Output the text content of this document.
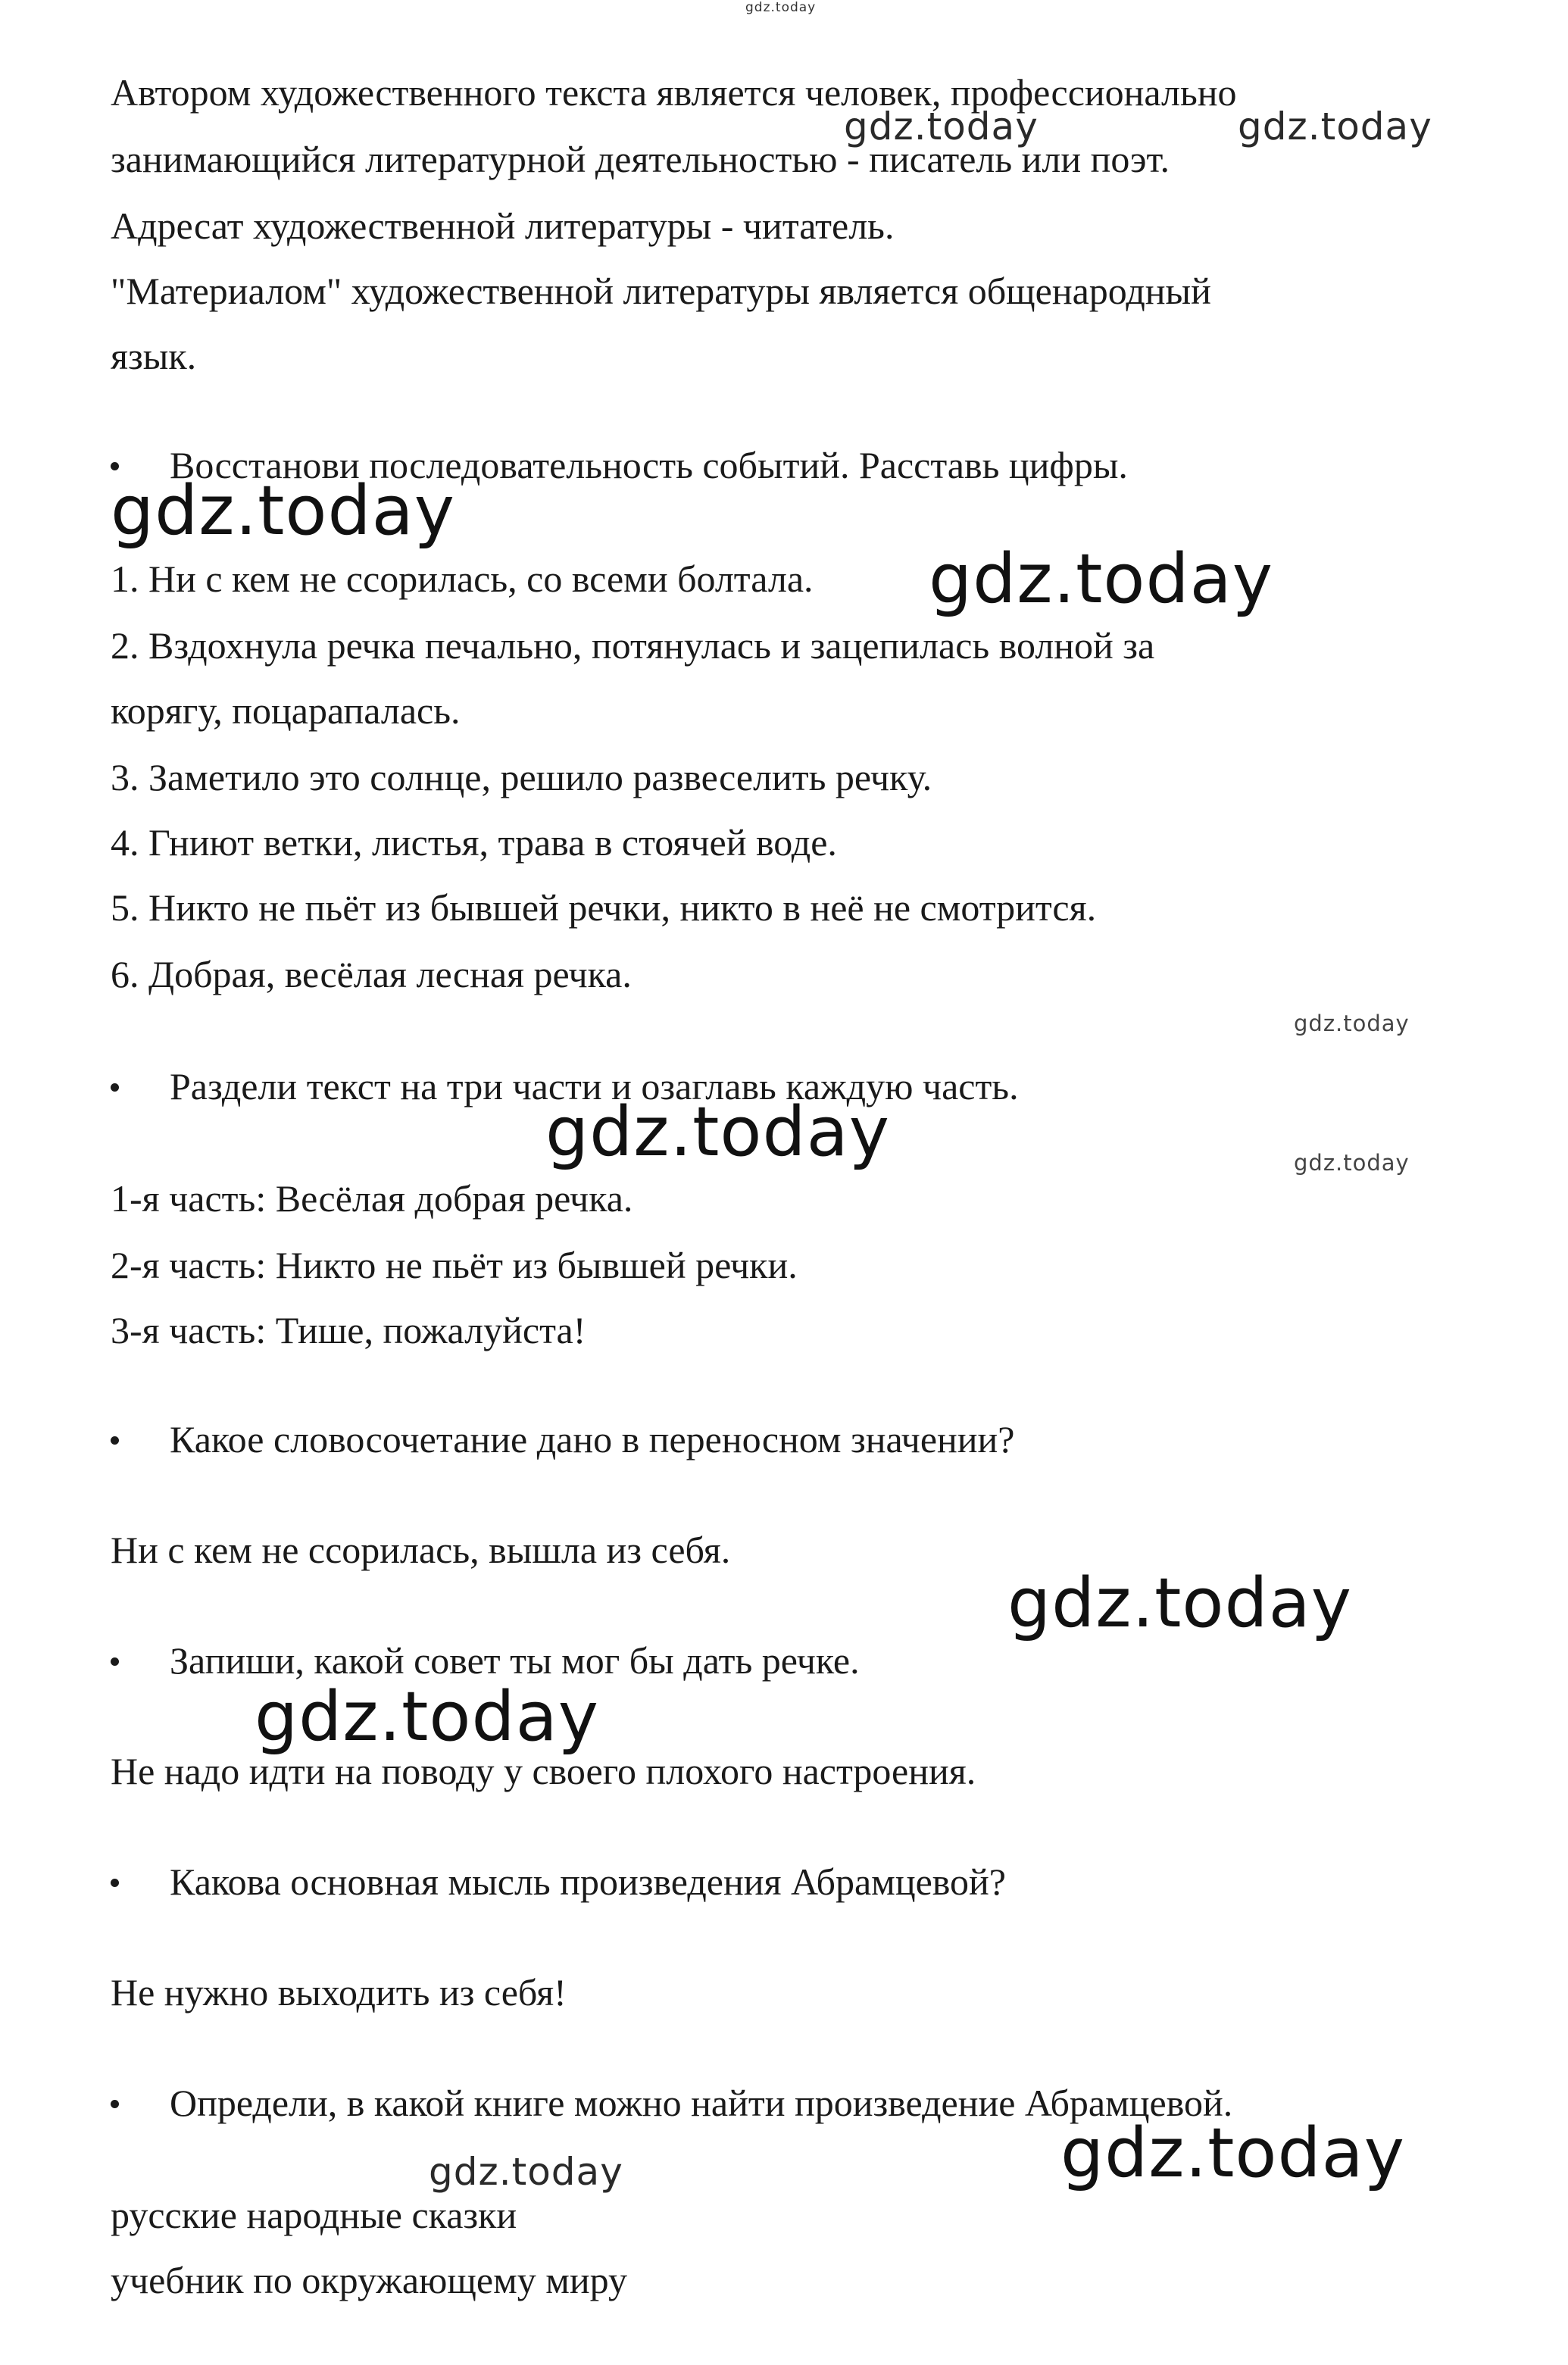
gdz.today
gdz.today	gdz.today
gdz.today
gdz.today
gdz.today
gdz.today	gdz.today
gdz.today
gdz.today
gdz.today
gdz.today

Автором художественного текста является человек, профессионально

занимающийся литературной деятельностью - писатель или поэт.

Адресат художественной литературы - читатель.

"Материалом" художественной литературы является общенародный

язык.

Восстанови последовательность событий. Расставь цифры.

1. Ни с кем не ссорилась, со всеми болтала.

2. Вздохнула речка печально, потянулась и зацепилась волной за

корягу, поцарапалась.

3. Заметило это солнце, решило развеселить речку.

4. Гниют ветки, листья, трава в стоячей воде.

5. Никто не пьёт из бывшей речки, никто в неё не смотрится.

6. Добрая, весёлая лесная речка.

Раздели текст на три части и озаглавь каждую часть.

1-я часть: Весёлая добрая речка.

2-я часть: Никто не пьёт из бывшей речки.

3-я часть: Тише, пожалуйста!

Какое словосочетание дано в переносном значении?

Ни с кем не ссорилась, вышла из себя.

Запиши, какой совет ты мог бы дать речке.

Не надо идти на поводу у своего плохого настроения.

Какова основная мысль произведения Абрамцевой?

Не нужно выходить из себя!

Определи, в какой книге можно найти произведение Абрамцевой.

русские народные сказки

учебник по окружающему миру
